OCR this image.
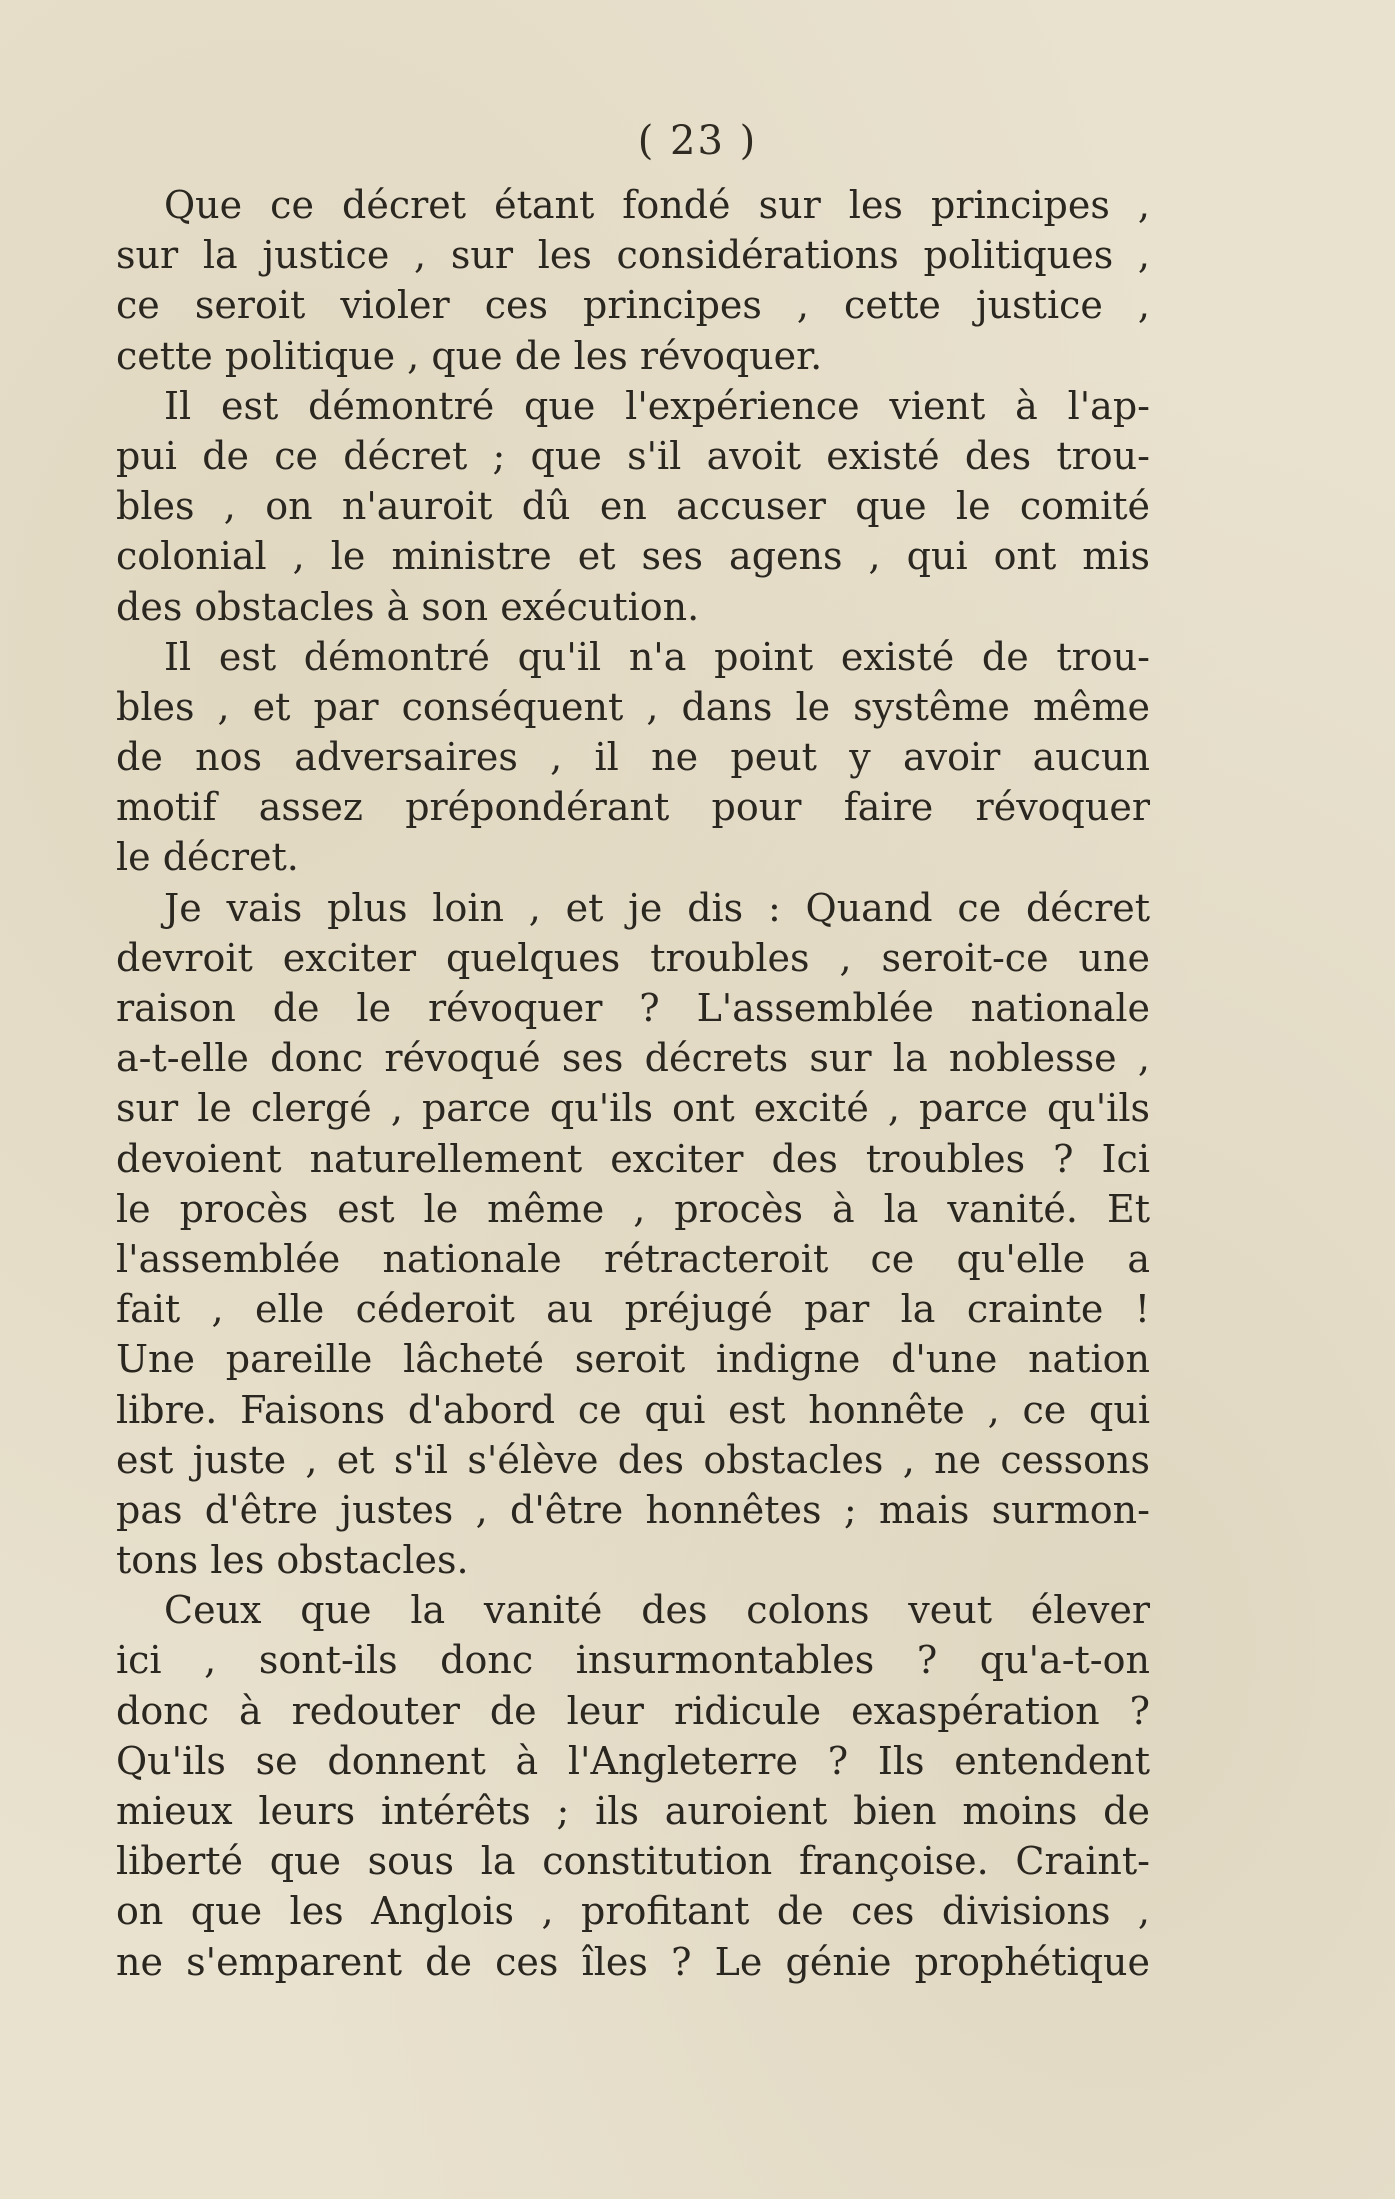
( 23 )
Que ce décret étant fondé sur les principes ,
sur la justice , sur les considérations politiques ,
ce seroit violer ces principes , cette justice ,
cette politique , que de les révoquer.
Il est démontré que l'expérience vient à l'ap-
pui de ce décret ; que s'il avoit existé des trou-
bles , on n'auroit dû en accuser que le comité
colonial , le ministre et ses agens , qui ont mis
des obstacles à son exécution.
Il est démontré qu'il n'a point existé de trou-
bles , et par conséquent , dans le systême même
de nos adversaires , il ne peut y avoir aucun
motif assez prépondérant pour faire révoquer
le décret.
Je vais plus loin , et je dis : Quand ce décret
devroit exciter quelques troubles , seroit-ce une
raison de le révoquer ? L'assemblée nationale
a-t-elle donc révoqué ses décrets sur la noblesse ,
sur le clergé , parce qu'ils ont excité , parce qu'ils
devoient naturellement exciter des troubles ? Ici
le procès est le même , procès à la vanité. Et
l'assemblée nationale rétracteroit ce qu'elle a
fait , elle céderoit au préjugé par la crainte !
Une pareille lâcheté seroit indigne d'une nation
libre. Faisons d'abord ce qui est honnête , ce qui
est juste , et s'il s'élève des obstacles , ne cessons
pas d'être justes , d'être honnêtes ; mais surmon-
tons les obstacles.
Ceux que la vanité des colons veut élever
ici , sont-ils donc insurmontables ? qu'a-t-on
donc à redouter de leur ridicule exaspération ?
Qu'ils se donnent à l'Angleterre ? Ils entendent
mieux leurs intérêts ; ils auroient bien moins de
liberté que sous la constitution françoise. Craint-
on que les Anglois , profitant de ces divisions ,
ne s'emparent de ces îles ? Le génie prophétique
